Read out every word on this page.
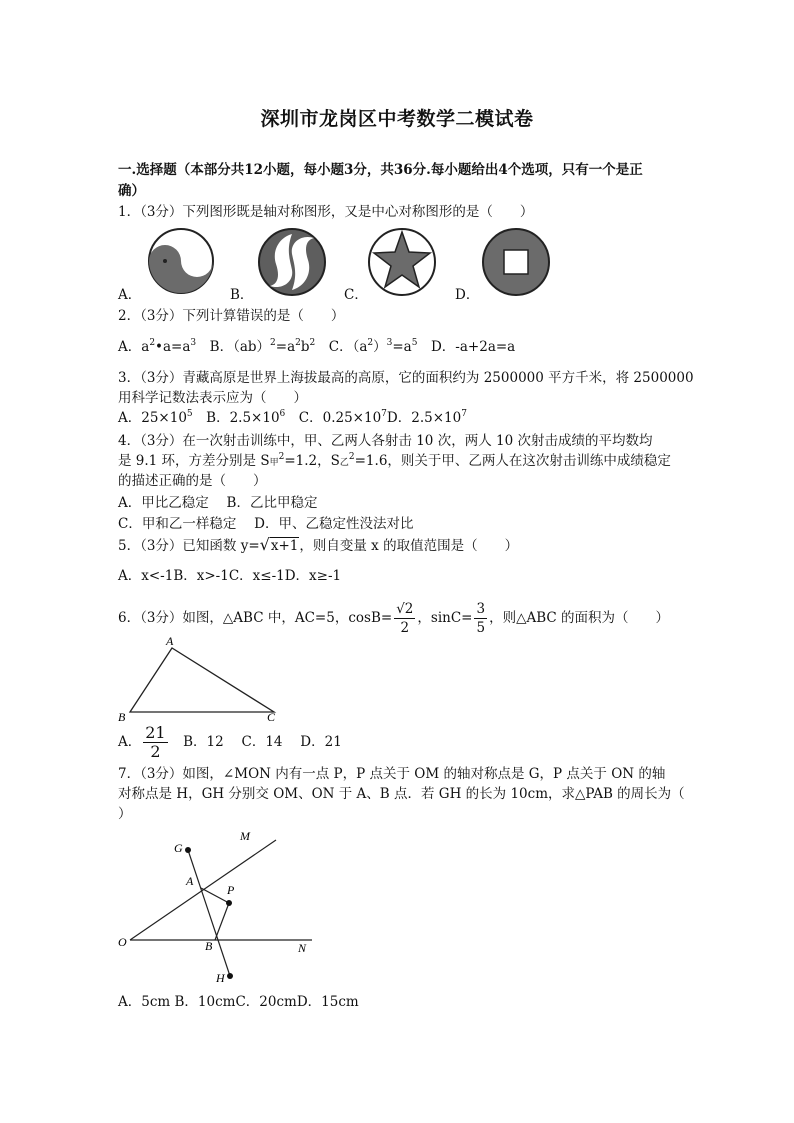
深圳市龙岗区中考数学二模试卷
一.选择题（本部分共12小题，每小题3分，共36分.每小题给出4个选项，只有一个是正
确）
1．（3分）下列图形既是轴对称图形，又是中心对称图形的是（　　）
A．	B．	C．	D．
2．（3分）下列计算错误的是（　　）
A．$a^2•a=a^3$　B．$(ab)^2=a^2b^2$　C．$(a^2)^3=a^5$　D．-a+2a=a
3．（3分）青藏高原是世界上海拔最高的高原，它的面积约为 2500000 平方千米，将 2500000
用科学记数法表示应为（　　）
A．$25\times 10^5$　B．$2.5\times 10^6$　C．$0.25\times 10^7D$．$2.5\times 10^7$
4．（3分）在一次射击训练中，甲、乙两人各射击 10 次，两人 10 次射击成绩的平均数均
是 9.1 环，方差分别是 S甲$^2$=1.2，S乙$^2$=1.6，则关于甲、乙两人在这次射击训练中成绩稳定
的描述正确的是（　　）
A．甲比乙稳定　 B．乙比甲稳定
C．甲和乙一样稳定　 D．甲、乙稳定性没法对比
5．（3分）已知函数 y=√x+1，则自变量 x 的取值范围是（　　）
A．x<-1B．x>-1C．x≤-1D．x≥-1
6．（3分）如图，△ABC 中，AC=5，$\cos B= \frac{√2}{2}$ ，$\sin C= \frac{3}{5}$ ，则△ABC 的面积为（　　）
A
B	C
A． $\frac{21}{2}$ 　B．12　 C．14　 D．21
7．（3分）如图，∠MON 内有一点 P，P 点关于 OM 的轴对称点是 G，P 点关于 ON 的轴
对称点是 H，GH 分别交 OM、ON 于 A、B 点．若 GH 的长为 10cm，求△PAB 的周长为（
）
G
M
A
P
O	B	N
H
A．5cm B．10cmC．20cmD．15cm
